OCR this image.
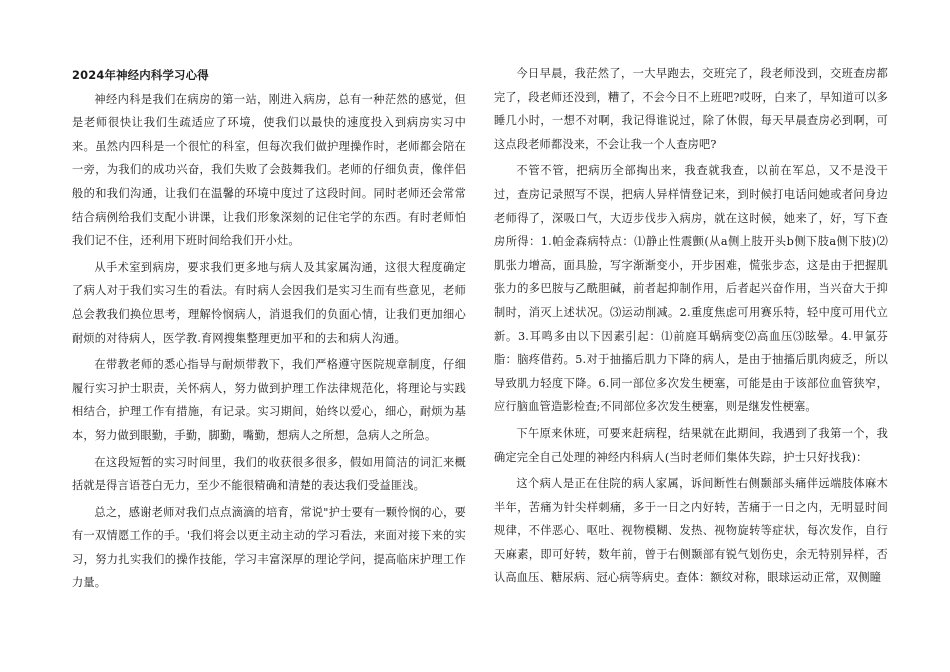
2024年神经内科学习心得

神经内科是我们在病房的第一站，刚进入病房，总有一种茫然的感觉，但是老师很快让我们生疏适应了环境，使我们以最快的速度投入到病房实习中来。虽然内四科是一个很忙的科室，但每次我们做护理操作时，老师都会陪在一旁，为我们的成功兴奋，我们失败了会鼓舞我们。老师的仔细负责，像伴侣般的和我们沟通，让我们在温馨的环境中度过了这段时间。同时老师还会常常结合病例给我们支配小讲课，让我们形象深刻的记住宅学的东西。有时老师怕我们记不住，还利用下班时间给我们开小灶。

从手术室到病房，要求我们更多地与病人及其家属沟通，这很大程度确定了病人对于我们实习生的看法。有时病人会因我们是实习生而有些意见，老师总会教我们换位思考，理解怜悯病人，消退我们的负面心情，让我们更加细心耐烦的对待病人，医学教.育网搜集整理更加平和的去和病人沟通。

在带教老师的悉心指导与耐烦带教下，我们严格遵守医院规章制度，仔细履行实习护士职责，关怀病人，努力做到护理工作法律规范化，将理论与实践相结合，护理工作有措施，有记录。实习期间，始终以爱心，细心，耐烦为基本，努力做到眼勤，手勤，脚勤，嘴勤，想病人之所想，急病人之所急。

在这段短暂的实习时间里，我们的收获很多很多，假如用简洁的词汇来概括就是得言语苍白无力，至少不能很精确和清楚的表达我们受益匪浅。

总之，感谢老师对我们点点滴滴的培育，常说"护士要有一颗怜悯的心，要有一双情愿工作的手。'我们将会以更主动主动的学习看法，来面对接下来的实习，努力扎实我们的操作技能，学习丰富深厚的理论学问，提高临床护理工作力量。

今日早晨，我茫然了，一大早跑去，交班完了，段老师没到，交班查房都完了，段老师还没到，糟了，不会今日不上班吧?哎呀，白来了，早知道可以多睡几小时，一想不对啊，我记得谁说过，除了休假，每天早晨查房必到啊，可这点段老师都没来，不会让我一个人查房吧?

不管不管，把病历全部掏出来，我查就我查，以前在军总，又不是没干过，查房记录照写不误，把病人异样情登记来，到时候打电话问她或者问身边老师得了，深吸口气，大迈步伐步入病房，就在这时候，她来了，好，写下查房所得：1.帕金森病特点：⑴静止性震颤(从a侧上肢开头b侧下肢a侧下肢)⑵肌张力增高，面具脸，写字渐渐变小，开步困难，慌张步态，这是由于把握肌张力的多巴胺与乙酰胆碱，前者起抑制作用，后者起兴奋作用，当兴奋大于抑制时，消灭上述状况。⑶运动削减。2.重度焦虑可用赛乐特，轻中度可用代立新。3.耳鸣多由以下因素引起：⑴前庭耳蜗病变⑵高血压⑶眩晕。4.甲氯芬脂：脑疼借药。5.对于抽搐后肌力下降的病人，是由于抽搐后肌肉疲乏，所以导致肌力轻度下降。6.同一部位多次发生梗塞，可能是由于该部位血管狭窄，应行脑血管造影检查;不同部位多次发生梗塞，则是继发性梗塞。

下午原来休班，可要来赶病程，结果就在此期间，我遇到了我第一个，我确定完全自己处理的神经内科病人(当时老师们集体失踪，护士只好找我)：

这个病人是正在住院的病人家属，诉间断性右侧颞部头痛伴远端肢体麻木半年，苦痛为针尖样刺痛，多于一日之内好转，苦痛于一日之内，无明显时间规律，不伴恶心、呕吐、视物模糊、发热、视物旋转等症状，每次发作，自行天麻素，即可好转，数年前，曾于右侧颞部有锐气划伤史，余无特别异样，否认高血压、糖尿病、冠心病等病史。查体：额纹对称，眼球运动正常，双侧瞳
